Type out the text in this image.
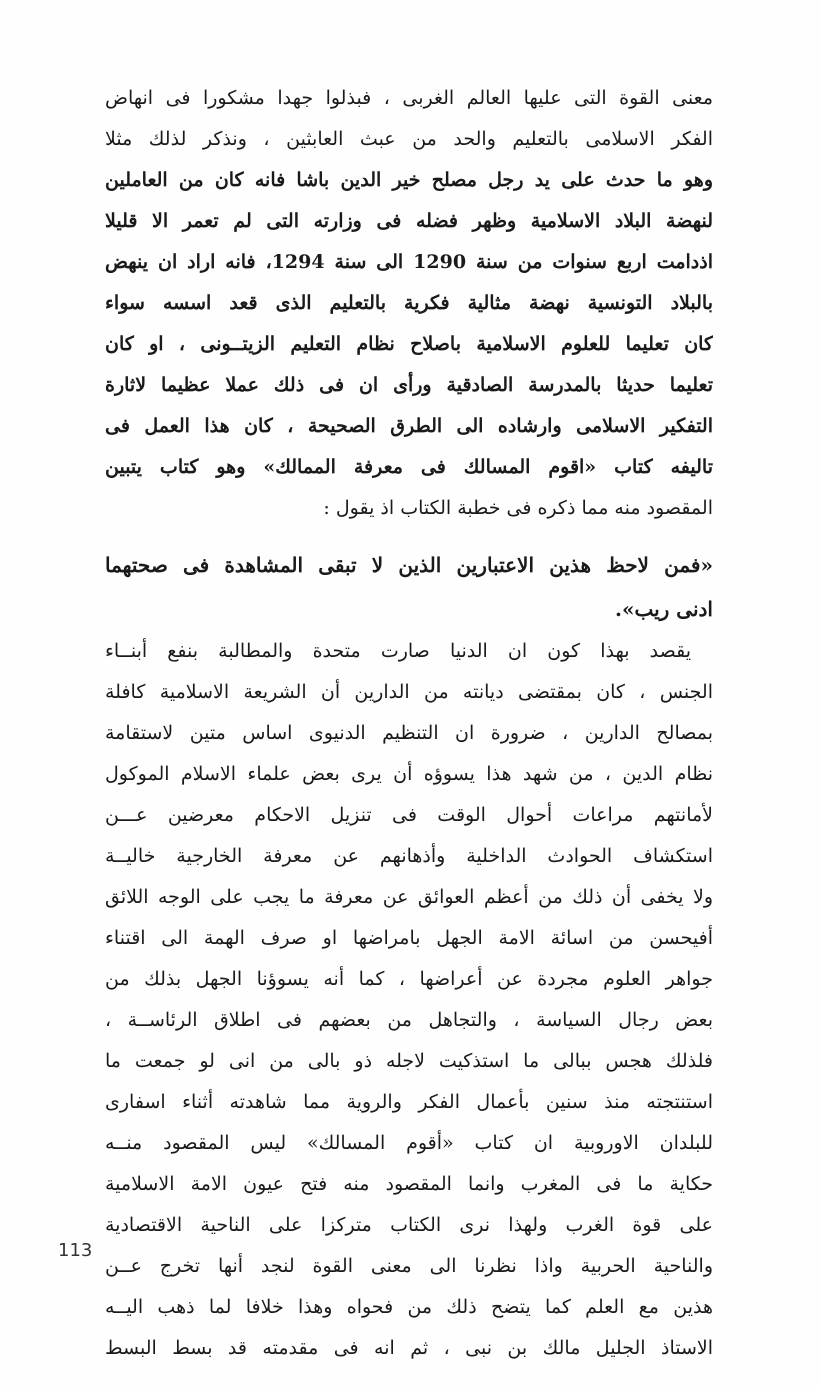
معنى القوة التى عليها العالم الغربى ، فبذلوا جهدا مشكورا فى انهاض
الفكر الاسلامى بالتعليم والحد من عبث العابثين ، ونذكر لذلك مثلا
وهو ما حدث على يد رجل مصلح خير الدين باشا فانه كان من العاملين
لنهضة البلاد الاسلامية وظهر فضله فى وزارته التى لم تعمر الا قليلا
اذدامت اربع سنوات من سنة 1290 الى سنة 1294، فانه اراد ان ينهض
بالبلاد التونسية نهضة مثالية فكرية بالتعليم الذى قعد اسسه سواء
كان تعليما للعلوم الاسلامية باصلاح نظام التعليم الزيتــونى ، او كان
تعليما حديثا بالمدرسة الصادقية ورأى ان فى ذلك عملا عظيما لاثارة
التفكير الاسلامى وارشاده الى الطرق الصحيحة ، كان هذا العمل فى
تاليفه كتاب «اقوم المسالك فى معرفة الممالك» وهو كتاب يتبين
المقصود منه مما ذكره فى خطبة الكتاب اذ يقول :
«فمن لاحظ هذين الاعتبارين الذين لا تبقى المشاهدة فى صحتهما
ادنى ريب».
يقصد بهذا كون ان الدنيا صارت متحدة والمطالبة بنفع أبنــاء
الجنس ، كان بمقتضى ديانته من الدارين أن الشريعة الاسلامية كافلة
بمصالح الدارين ، ضرورة ان التنظيم الدنيوى اساس متين لاستقامة
نظام الدين ، من شهد هذا يسوؤه أن يرى بعض علماء الاسلام الموكول
لأمانتهم مراعات أحوال الوقت فى تنزيل الاحكام معرضين عـــن
استكشاف الحوادث الداخلية وأذهانهم عن معرفة الخارجية خاليــة
ولا يخفى أن ذلك من أعظم العوائق عن معرفة ما يجب على الوجه اللائق
أفيحسن من اسائة الامة الجهل بامراضها او صرف الهمة الى اقتناء
جواهر العلوم مجردة عن أعراضها ، كما أنه يسوؤنا الجهل بذلك من
بعض رجال السياسة ، والتجاهل من بعضهم فى اطلاق الرئاســة ،
فلذلك هجس ببالى ما استذكيت لاجله ذو بالى من انى لو جمعت ما
استنتجته منذ سنين بأعمال الفكر والروية مما شاهدته أثناء اسفارى
للبلدان الاوروبية ان كتاب «أقوم المسالك» ليس المقصود منــه
حكاية ما فى المغرب وانما المقصود منه فتح عيون الامة الاسلامية
على قوة الغرب ولهذا نرى الكتاب متركزا على الناحية الاقتصادية
والناحية الحربية واذا نظرنا الى معنى القوة لنجد أنها تخرج عــن
هذين مع العلم كما يتضح ذلك من فحواه وهذا خلافا لما ذهب اليــه
الاستاذ الجليل مالك بن نبى ، ثم انه فى مقدمته قد بسط البسط
113
